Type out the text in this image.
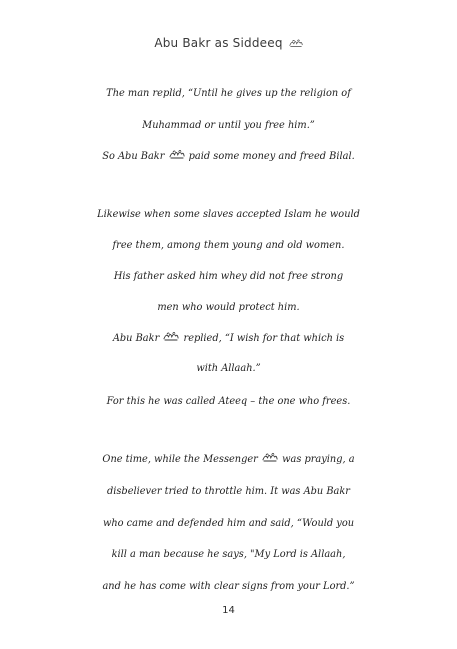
Abu Bakr as Siddeeq
The man replid, “Until he gives up the religion of
Muhammad or until you free him.”
So Abu Bakr paid some money and freed Bilal.
Likewise when some slaves accepted Islam he would
free them, among them young and old women.
His father asked him whey did not free strong
men who would protect him.
Abu Bakr replied, “I wish for that which is
with Allaah.”
For this he was called Ateeq – the one who frees.
One time, while the Messenger was praying, a
disbeliever tried to throttle him. It was Abu Bakr
who came and defended him and said, “Would you
kill a man because he says, "My Lord is Allaah,
and he has come with clear signs from your Lord.”
14
